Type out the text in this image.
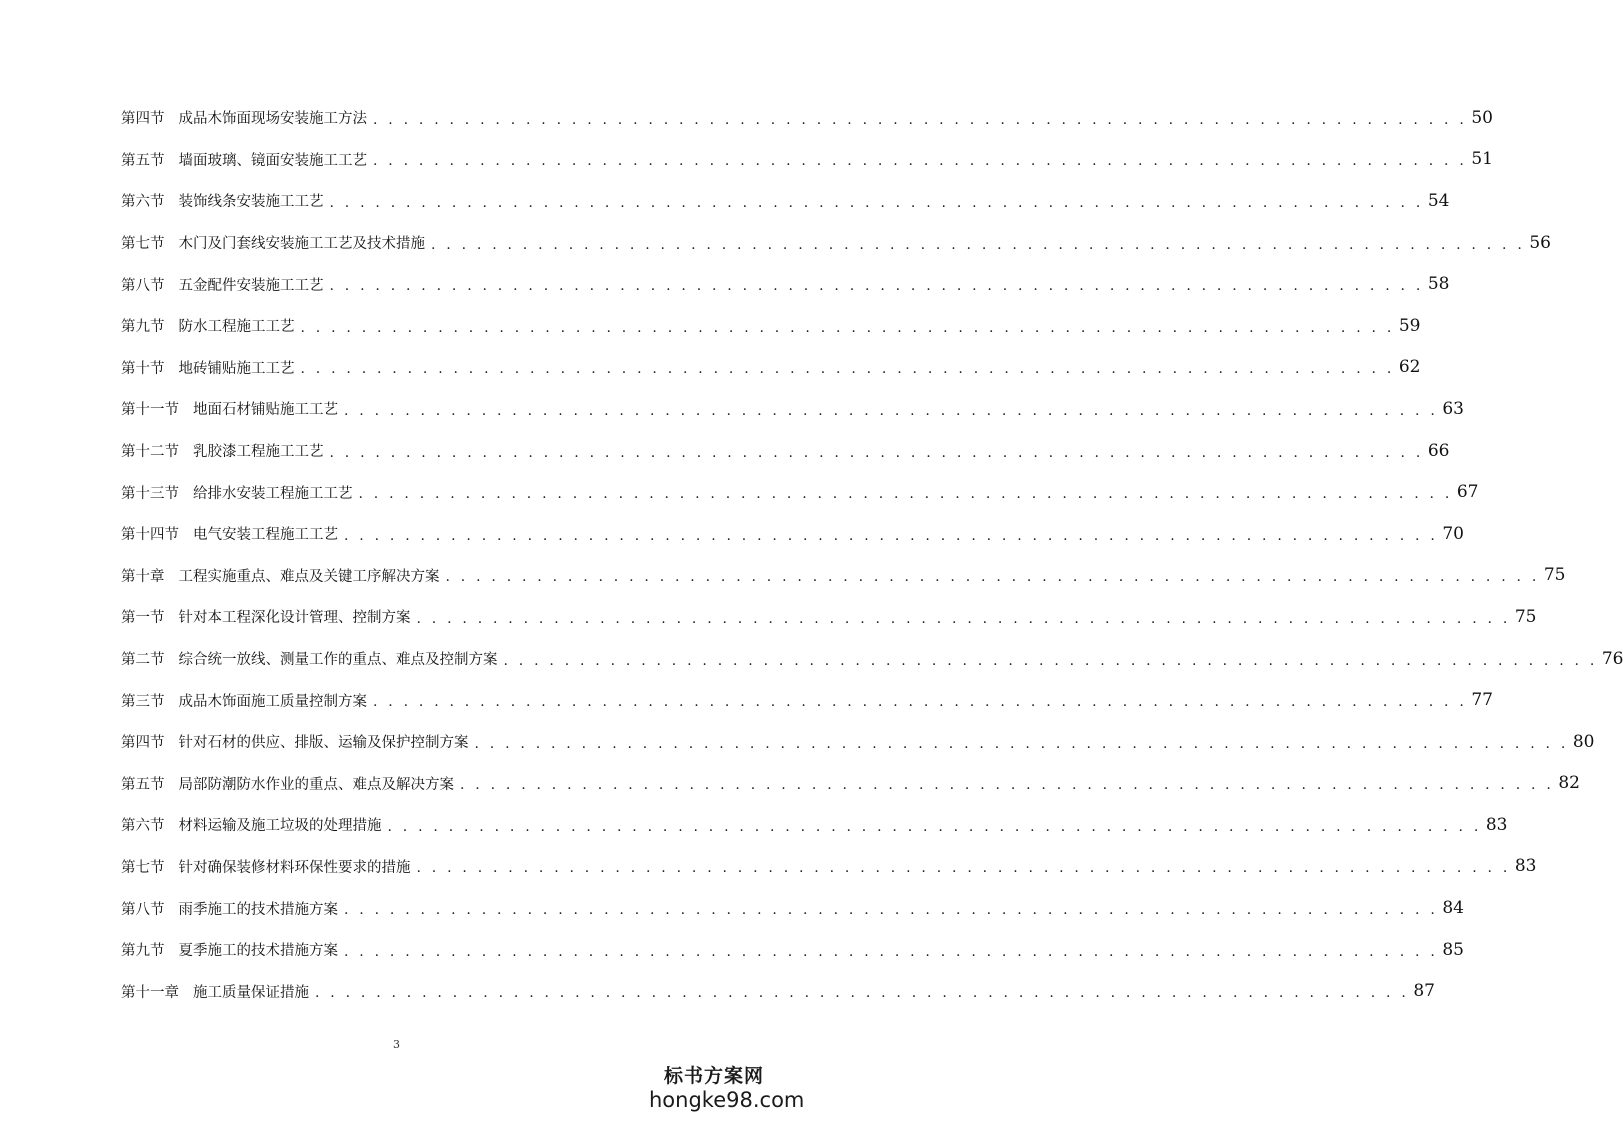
第四节 成品木饰面现场安装施工方法 . . . . . . . . . . . . . . . . . . . . . . . . . . . . . . . . . . . . . . . . . . . . . . . . . . . . . . . . . . . . . . . . . . . . . . . . 50
第五节 墙面玻璃、镜面安装施工工艺 . . . . . . . . . . . . . . . . . . . . . . . . . . . . . . . . . . . . . . . . . . . . . . . . . . . . . . . . . . . . . . . . . . . . . . . . 51
第六节 装饰线条安装施工工艺 . . . . . . . . . . . . . . . . . . . . . . . . . . . . . . . . . . . . . . . . . . . . . . . . . . . . . . . . . . . . . . . . . . . . . . . . 54
第七节 木门及门套线安装施工工艺及技术措施 . . . . . . . . . . . . . . . . . . . . . . . . . . . . . . . . . . . . . . . . . . . . . . . . . . . . . . . . . . . . . . . . . . . . . . . . 56
第八节 五金配件安装施工工艺 . . . . . . . . . . . . . . . . . . . . . . . . . . . . . . . . . . . . . . . . . . . . . . . . . . . . . . . . . . . . . . . . . . . . . . . . 58
第九节 防水工程施工工艺 . . . . . . . . . . . . . . . . . . . . . . . . . . . . . . . . . . . . . . . . . . . . . . . . . . . . . . . . . . . . . . . . . . . . . . . . 59
第十节 地砖铺贴施工工艺 . . . . . . . . . . . . . . . . . . . . . . . . . . . . . . . . . . . . . . . . . . . . . . . . . . . . . . . . . . . . . . . . . . . . . . . . 62
第十一节 地面石材铺贴施工工艺 . . . . . . . . . . . . . . . . . . . . . . . . . . . . . . . . . . . . . . . . . . . . . . . . . . . . . . . . . . . . . . . . . . . . . . . . 63
第十二节 乳胶漆工程施工工艺 . . . . . . . . . . . . . . . . . . . . . . . . . . . . . . . . . . . . . . . . . . . . . . . . . . . . . . . . . . . . . . . . . . . . . . . . 66
第十三节 给排水安装工程施工工艺 . . . . . . . . . . . . . . . . . . . . . . . . . . . . . . . . . . . . . . . . . . . . . . . . . . . . . . . . . . . . . . . . . . . . . . . . 67
第十四节 电气安装工程施工工艺 . . . . . . . . . . . . . . . . . . . . . . . . . . . . . . . . . . . . . . . . . . . . . . . . . . . . . . . . . . . . . . . . . . . . . . . . 70
第十章 工程实施重点、难点及关键工序解决方案 . . . . . . . . . . . . . . . . . . . . . . . . . . . . . . . . . . . . . . . . . . . . . . . . . . . . . . . . . . . . . . . . . . . . . . . . 75
第一节 针对本工程深化设计管理、控制方案 . . . . . . . . . . . . . . . . . . . . . . . . . . . . . . . . . . . . . . . . . . . . . . . . . . . . . . . . . . . . . . . . . . . . . . . . 75
第二节 综合统一放线、测量工作的重点、难点及控制方案 . . . . . . . . . . . . . . . . . . . . . . . . . . . . . . . . . . . . . . . . . . . . . . . . . . . . . . . . . . . . . . . . . . . . . . . . 76
第三节 成品木饰面施工质量控制方案 . . . . . . . . . . . . . . . . . . . . . . . . . . . . . . . . . . . . . . . . . . . . . . . . . . . . . . . . . . . . . . . . . . . . . . . . 77
第四节 针对石材的供应、排版、运输及保护控制方案 . . . . . . . . . . . . . . . . . . . . . . . . . . . . . . . . . . . . . . . . . . . . . . . . . . . . . . . . . . . . . . . . . . . . . . . . 80
第五节 局部防潮防水作业的重点、难点及解决方案 . . . . . . . . . . . . . . . . . . . . . . . . . . . . . . . . . . . . . . . . . . . . . . . . . . . . . . . . . . . . . . . . . . . . . . . . 82
第六节 材料运输及施工垃圾的处理措施 . . . . . . . . . . . . . . . . . . . . . . . . . . . . . . . . . . . . . . . . . . . . . . . . . . . . . . . . . . . . . . . . . . . . . . . . 83
第七节 针对确保装修材料环保性要求的措施 . . . . . . . . . . . . . . . . . . . . . . . . . . . . . . . . . . . . . . . . . . . . . . . . . . . . . . . . . . . . . . . . . . . . . . . . 83
第八节 雨季施工的技术措施方案 . . . . . . . . . . . . . . . . . . . . . . . . . . . . . . . . . . . . . . . . . . . . . . . . . . . . . . . . . . . . . . . . . . . . . . . . 84
第九节 夏季施工的技术措施方案 . . . . . . . . . . . . . . . . . . . . . . . . . . . . . . . . . . . . . . . . . . . . . . . . . . . . . . . . . . . . . . . . . . . . . . . . 85
第十一章 施工质量保证措施 . . . . . . . . . . . . . . . . . . . . . . . . . . . . . . . . . . . . . . . . . . . . . . . . . . . . . . . . . . . . . . . . . . . . . . . . 87
3
标书方案网
hongke98.com
